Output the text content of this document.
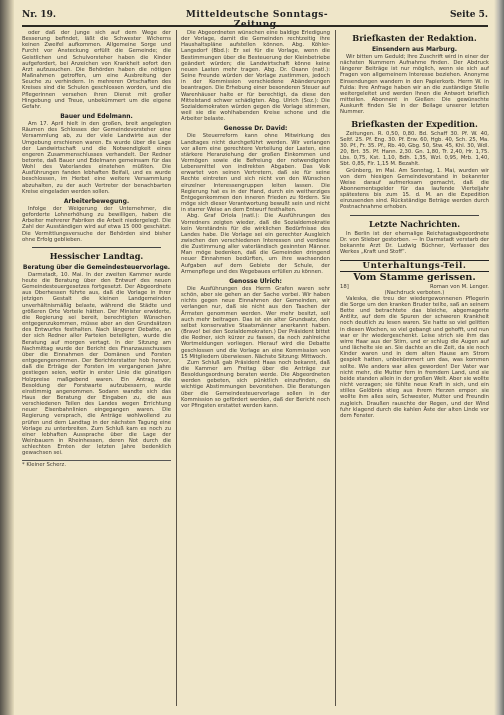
Nr. 19.	Mitteldeutsche Sonntags-Zeitung.
Seite 5.

oder daß der Junge sich auf dem Wege der Besserung befindet, läßt die Schwester Wicherns keinen Zweifel aufkommen. Allgemeine Sorge und Furcht vor Ansteckung erfüllt die Gemeinde; die Geistlichen und Schulvorsteher haben die Kinder aufgefordert, bei Anzeichen von Krankheit sofort den Arzt aufzusuchen. Die Behörden haben die nötigen Maßnahmen getroffen, um eine Ausbreitung der Seuche zu verhindern. In mehreren Ortschaften des Kreises sind die Schulen geschlossen worden, und die Pflegerinnen versehen ihren Dienst mit großer Hingebung und Treue, unbekümmert um die eigene Gefahr.

Bauer und Edelmann.

Am 17. April hielt in den großen, breit angelegten Räumen des Schlosses der Gemeindevorsteher eine Versammlung ab, zu der viele Landwirte aus der Umgebung erschienen waren. Es wurde über die Lage der Landwirtschaft und die Notwendigkeit eines engeren Zusammenschlusses verhandelt. Der Redner betonte, daß Bauer und Edelmann gemeinsam für das Wohl des Vaterlandes einstehen müßten. Die Ausführungen fanden lebhaften Beifall, und es wurde beschlossen, im Herbst eine weitere Versammlung abzuhalten, zu der auch Vertreter der benachbarten Kreise eingeladen werden sollen.

Arbeiterbewegung.

Infolge der Weigerung der Unternehmer, die geforderte Lohnerhöhung zu bewilligen, haben die Arbeiter mehrerer Fabriken die Arbeit niedergelegt. Die Zahl der Ausständigen wird auf etwa 15 000 geschätzt. Die Vermittlungsversuche der Behörden sind bisher ohne Erfolg geblieben.

Hessischer Landtag.
Beratung über die Gemeindesteuervorlage.

Darmstadt, 10. Mai. In der zweiten Kammer wurde heute die Beratung über den Entwurf des neuen Gemeindesteuergesetzes fortgesetzt. Der Abgeordnete aus Oberhessen führte aus, daß die Vorlage in ihrer jetzigen Gestalt die kleinen Landgemeinden unverhältnismäßig belaste, während die Städte und größeren Orte Vorteile hätten. Der Minister erwiderte, die Regierung sei bereit, berechtigten Wünschen entgegenzukommen, müsse aber an den Grundsätzen des Entwurfes festhalten. Nach längerer Debatte, an der sich Redner aller Parteien beteiligten, wurde die Beratung auf morgen vertagt. In der Sitzung am Nachmittag wurde der Bericht des Finanzausschusses über die Einnahmen der Domänen und Forsten entgegengenommen. Der Berichterstatter hob hervor, daß die Erträge der Forsten im vergangenen Jahre gestiegen seien, wofür in erster Linie die günstigen Holzpreise maßgebend waren. Ein Antrag, die Besoldung der Forstwarte aufzubessern, wurde einstimmig angenommen. Sodann wandte sich das Haus der Beratung der Eingaben zu, die aus verschiedenen Teilen des Landes wegen Errichtung neuer Eisenbahnlinien eingegangen waren. Die Regierung versprach, die Anträge wohlwollend zu prüfen und dem Landtag in der nächsten Tagung eine Vorlage zu unterbreiten. Zum Schluß kam es noch zu einer lebhaften Aussprache über die Lage der Weinbauern in Rheinhessen, deren Not durch die schlechten Ernten der letzten Jahre bedenklich gewachsen sei.

* Kleiner Scherz.

Die Abgeordneten wünschen eine baldige Erledigung der Vorlage, damit die Gemeinden rechtzeitig ihre Haushaltspläne aufstellen können. Abg. Köhler-Langsdorf (Bbd.): Er sei für die Vorlage, wenn die Bestimmungen über die Besteuerung der Kleinbetriebe geändert würden; die Landwirtschaft könne keine neuen Lasten mehr tragen. Abg. Dr. Osann (natl.): Seine Freunde würden der Vorlage zustimmen, jedoch in der Kommission verschiedene Abänderungen beantragen. Die Erhebung einer besonderen Steuer auf Warenhäuser halte er für berechtigt, da diese den Mittelstand schwer schädigten. Abg. Ulrich (Soz.): Die Sozialdemokraten würden gegen die Vorlage stimmen, weil sie die wohlhabenden Kreise schone und die Arbeiter belaste.

Genosse Dr. David:

Die Steuerreform kann ohne Mitwirkung des Landtages nicht durchgeführt werden. Wir verlangen vor allem eine gerechtere Verteilung der Lasten, eine stärkere Heranziehung der großen Einkommen und Vermögen sowie die Befreiung der notwendigsten Lebensmittel von indirekten Abgaben. Das Volk erwartet von seinen Vertretern, daß sie für seine Rechte eintreten und sich nicht von den Wünschen einzelner Interessengruppen leiten lassen. Die Regierung hat es in der Hand, durch ein weitherziges Entgegenkommen den inneren Frieden zu fördern. Sie möge sich dieser Verantwortung bewußt sein und nicht in starrer Weise an dem Entwurf festhalten.

Abg. Graf Oriola (natl.): Die Ausführungen des Vorredners zeigten wieder, daß die Sozialdemokratie kein Verständnis für die wirklichen Bedürfnisse des Landes habe. Die Vorlage sei ein gerechter Ausgleich zwischen den verschiedenen Interessen und verdiene die Zustimmung aller vaterländisch gesinnten Männer. Man möge bedenken, daß die Gemeinden dringend neuer Einnahmen bedürften, um ihre wachsenden Aufgaben auf dem Gebiete der Schule, der Armenpflege und des Wegebaues erfüllen zu können.

Genosse Ulrich:

Die Ausführungen des Herrn Grafen waren sehr schön, aber sie gehen an der Sache vorbei. Wir haben nichts gegen neue Einnahmen der Gemeinden, wir verlangen nur, daß sie nicht aus den Taschen der Ärmsten genommen werden. Wer mehr besitzt, soll auch mehr beitragen. Das ist ein alter Grundsatz, den selbst konservative Staatsmänner anerkannt haben. (Bravo! bei den Sozialdemokraten.) Der Präsident bittet die Redner, sich kürzer zu fassen, da noch zahlreiche Wortmeldungen vorliegen. Hierauf wird die Debatte geschlossen und die Vorlage an eine Kommission von 15 Mitgliedern überwiesen. Nächste Sitzung: Mittwoch.

Zum Schluß gab Präsident Haas noch bekannt, daß die Kammer am Freitag über die Anträge zur Besoldungsordnung beraten werde. Die Abgeordneten werden gebeten, sich pünktlich einzufinden, da wichtige Abstimmungen bevorstehen. Die Beratungen über die Gemeindesteuervorlage sollen in der Kommission so gefördert werden, daß der Bericht noch vor Pfingsten erstattet werden kann.

Briefkasten der Redaktion.
Einsendern aus Marburg.

Wir bitten um Geduld; Ihre Zuschrift wird in einer der nächsten Nummern Aufnahme finden. Der Abdruck längerer Beiträge ist nur möglich, wenn sie sich auf Fragen von allgemeinem Interesse beziehen. Anonyme Einsendungen wandern in den Papierkorb. Herrn W. in Fulda: Ihre Anfrage haben wir an die zuständige Stelle weitergeleitet und werden Ihnen die Antwort brieflich mitteilen. Abonnent in Gießen: Die gewünschte Auskunft finden Sie in der Beilage unserer letzten Nummer.

Briefkasten der Expedition.

Zeitungen. R. 0,50, 0,80. Bd. Schaff 30. Pf. W. 40, Seltf. 25. Pf. Eng. 30. Pf. Erw. 60, Hgb. 40, Sch. 25, Ma. 30. Pf., Fr. 35. Pf., Rb. 40, Gbg. 50, Stw. 45, Khl. 30, Wdl. 20, Brt. 35. Pf. Hann. 2,30. Gn. 1,80, Tr. 2,40, Hr. 1,75. Lbs. 0,75, Kst. 1,10, Bdh. 1,35, Wzl. 0,95, Mrb. 1,40, Sbt. 0,85, Flr. 1,15 M. Bezahlt.

Grünberg, im Mai. Am Sonntag, 1. Mai, wurden wir von dem hiesigen Gemeindevorstand in bekannter Weise darauf aufmerksam gemacht, daß die Abonnementsgelder für das laufende Vierteljahr spätestens bis zum 15. d. M. an die Expedition einzusenden sind. Rückständige Beträge werden durch Postnachnahme erhoben.

Letzte Nachrichten.

In Berlin ist der ehemalige Reichstagsabgeordnete Dr. von Stieber gestorben. — In Darmstadt verstarb der bekannte Arzt Dr. Ludwig Büchner, Verfasser des Werkes „Kraft und Stoff“.

Unterhaltungs-Teil.
Vom Stamme gerissen.
18]	Roman von M. Lenger.

(Nachdruck verboten.)

Valeska, die treu der wiedergewonnenen Pflegerin die Sorge um den kranken Bruder teilte, saß an seinem Bette und betrachtete das bleiche, abgemagerte Antlitz, auf dem die Spuren der schweren Krankheit noch deutlich zu lesen waren. Sie hatte so viel gelitten in diesen Wochen, so viel gebangt und gehofft, und nun war er ihr wiedergeschenkt. Leise strich sie ihm das wirre Haar aus der Stirn, und er schlug die Augen auf und lächelte sie an. Sie dachte an die Zeit, da sie noch Kinder waren und in dem alten Hause am Strom gespielt hatten, unbekümmert um das, was kommen sollte. Wie anders war alles geworden! Der Vater war nicht mehr, die Mutter fern in fremdem Land, und sie beide standen allein in der großen Welt. Aber sie wollte nicht verzagen; sie fühlte neue Kraft in sich, und ein stilles Gelöbnis stieg aus ihrem Herzen empor: sie wollte ihm alles sein, Schwester, Mutter und Freundin zugleich. Draußen rauschte der Regen, und der Wind fuhr klagend durch die kahlen Äste der alten Linde vor dem Fenster.
